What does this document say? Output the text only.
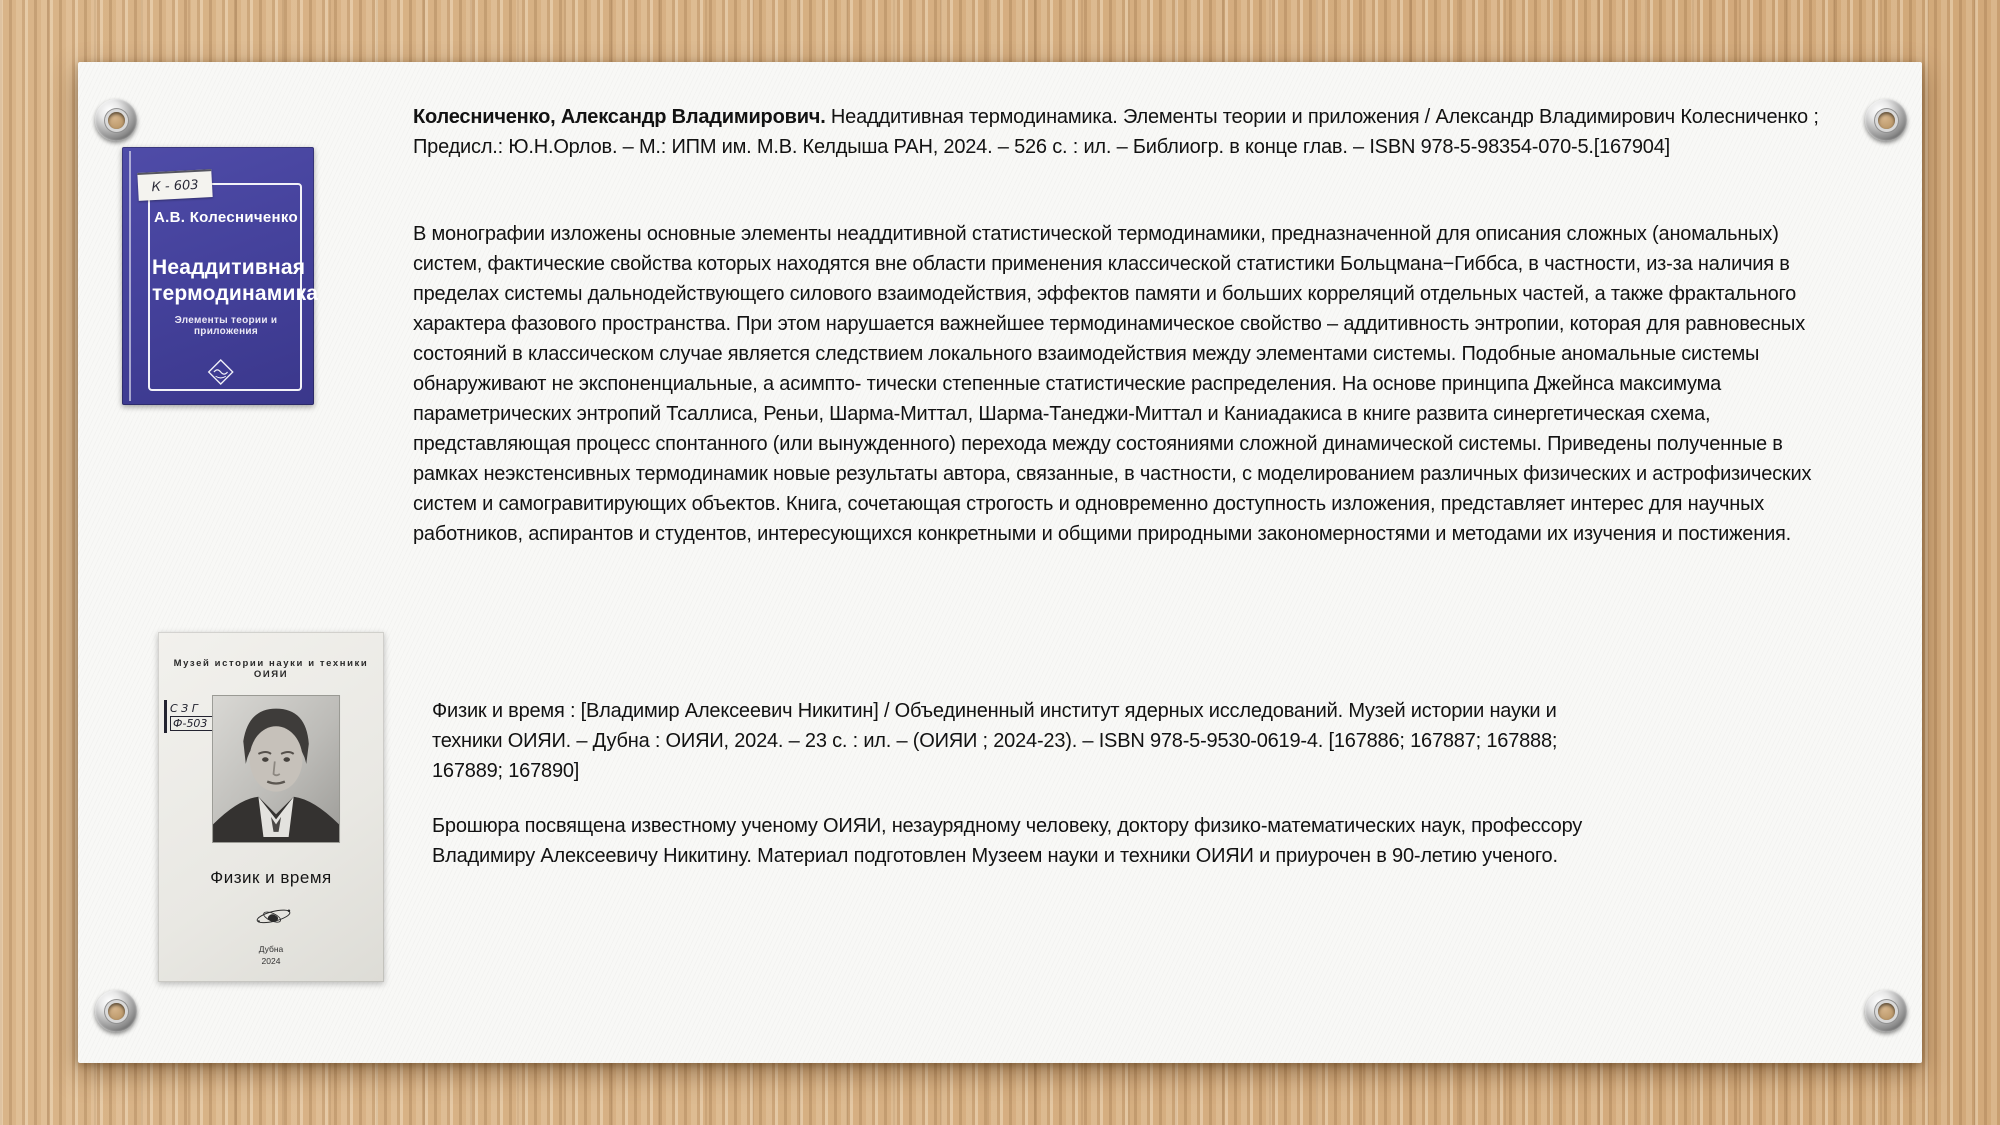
К - 603
А.В. Колесниченко
Неаддитивная
термодинамика
Элементы теории и приложения

Колесниченко, Александр Владимирович. Неаддитивная термодинамика. Элементы теории и приложения / Александр Владимирович Колесниченко ; Предисл.: Ю.Н.Орлов. – М.: ИПМ им. М.В. Келдыша РАН, 2024. – 526 с. : ил. – Библиогр. в конце глав. – ISBN 978-5-98354-070-5.[167904]

В монографии изложены основные элементы неаддитивной статистической термодинамики, предназначенной для описания сложных (аномальных) систем, фактические свойства которых находятся вне области применения классической статистики Больцмана−Гиббса, в частности, из-за наличия в пределах системы дальнодействующего силового взаимодействия, эффектов памяти и больших корреляций отдельных частей, а также фрактального характера фазового пространства. При этом нарушается важнейшее термодинамическое свойство – аддитивность энтропии, которая для равновесных состояний в классическом случае является следствием локального взаимодействия между элементами системы. Подобные аномальные системы обнаруживают не экспоненциальные, а асимпто- тически степенные статистические распределения. На основе принципа Джейнса максимума параметрических энтропий Тсаллиса, Реньи, Шарма-Миттал, Шарма-Танеджи-Миттал и Каниадакиса в книге развита синергетическая схема, представляющая процесс спонтанного (или вынужденного) перехода между состояниями сложной динамической системы. Приведены полученные в рамках неэкстенсивных термодинамик новые результаты автора, связанные, в частности, с моделированием различных физических и астрофизических систем и самогравитирующих объектов. Книга, сочетающая строгость и одновременно доступность изложения, представляет интерес для научных работников, аспирантов и студентов, интересующихся конкретными и общими природными закономерностями и методами их изучения и постижения.

Музей истории науки и техники ОИЯИ
С З Г
Ф-503
Физик и время
Дубна
2024

Физик и время : [Владимир Алексеевич Никитин] / Объединенный институт ядерных исследований. Музей истории науки и техники ОИЯИ. – Дубна : ОИЯИ, 2024. – 23 с. : ил. – (ОИЯИ ; 2024-23). – ISBN 978-5-9530-0619-4. [167886; 167887; 167888; 167889; 167890]

Брошюра посвящена известному ученому ОИЯИ, незаурядному человеку, доктору физико-математических наук, профессору Владимиру Алексеевичу Никитину. Материал подготовлен Музеем науки и техники ОИЯИ и приурочен в 90-летию ученого.
